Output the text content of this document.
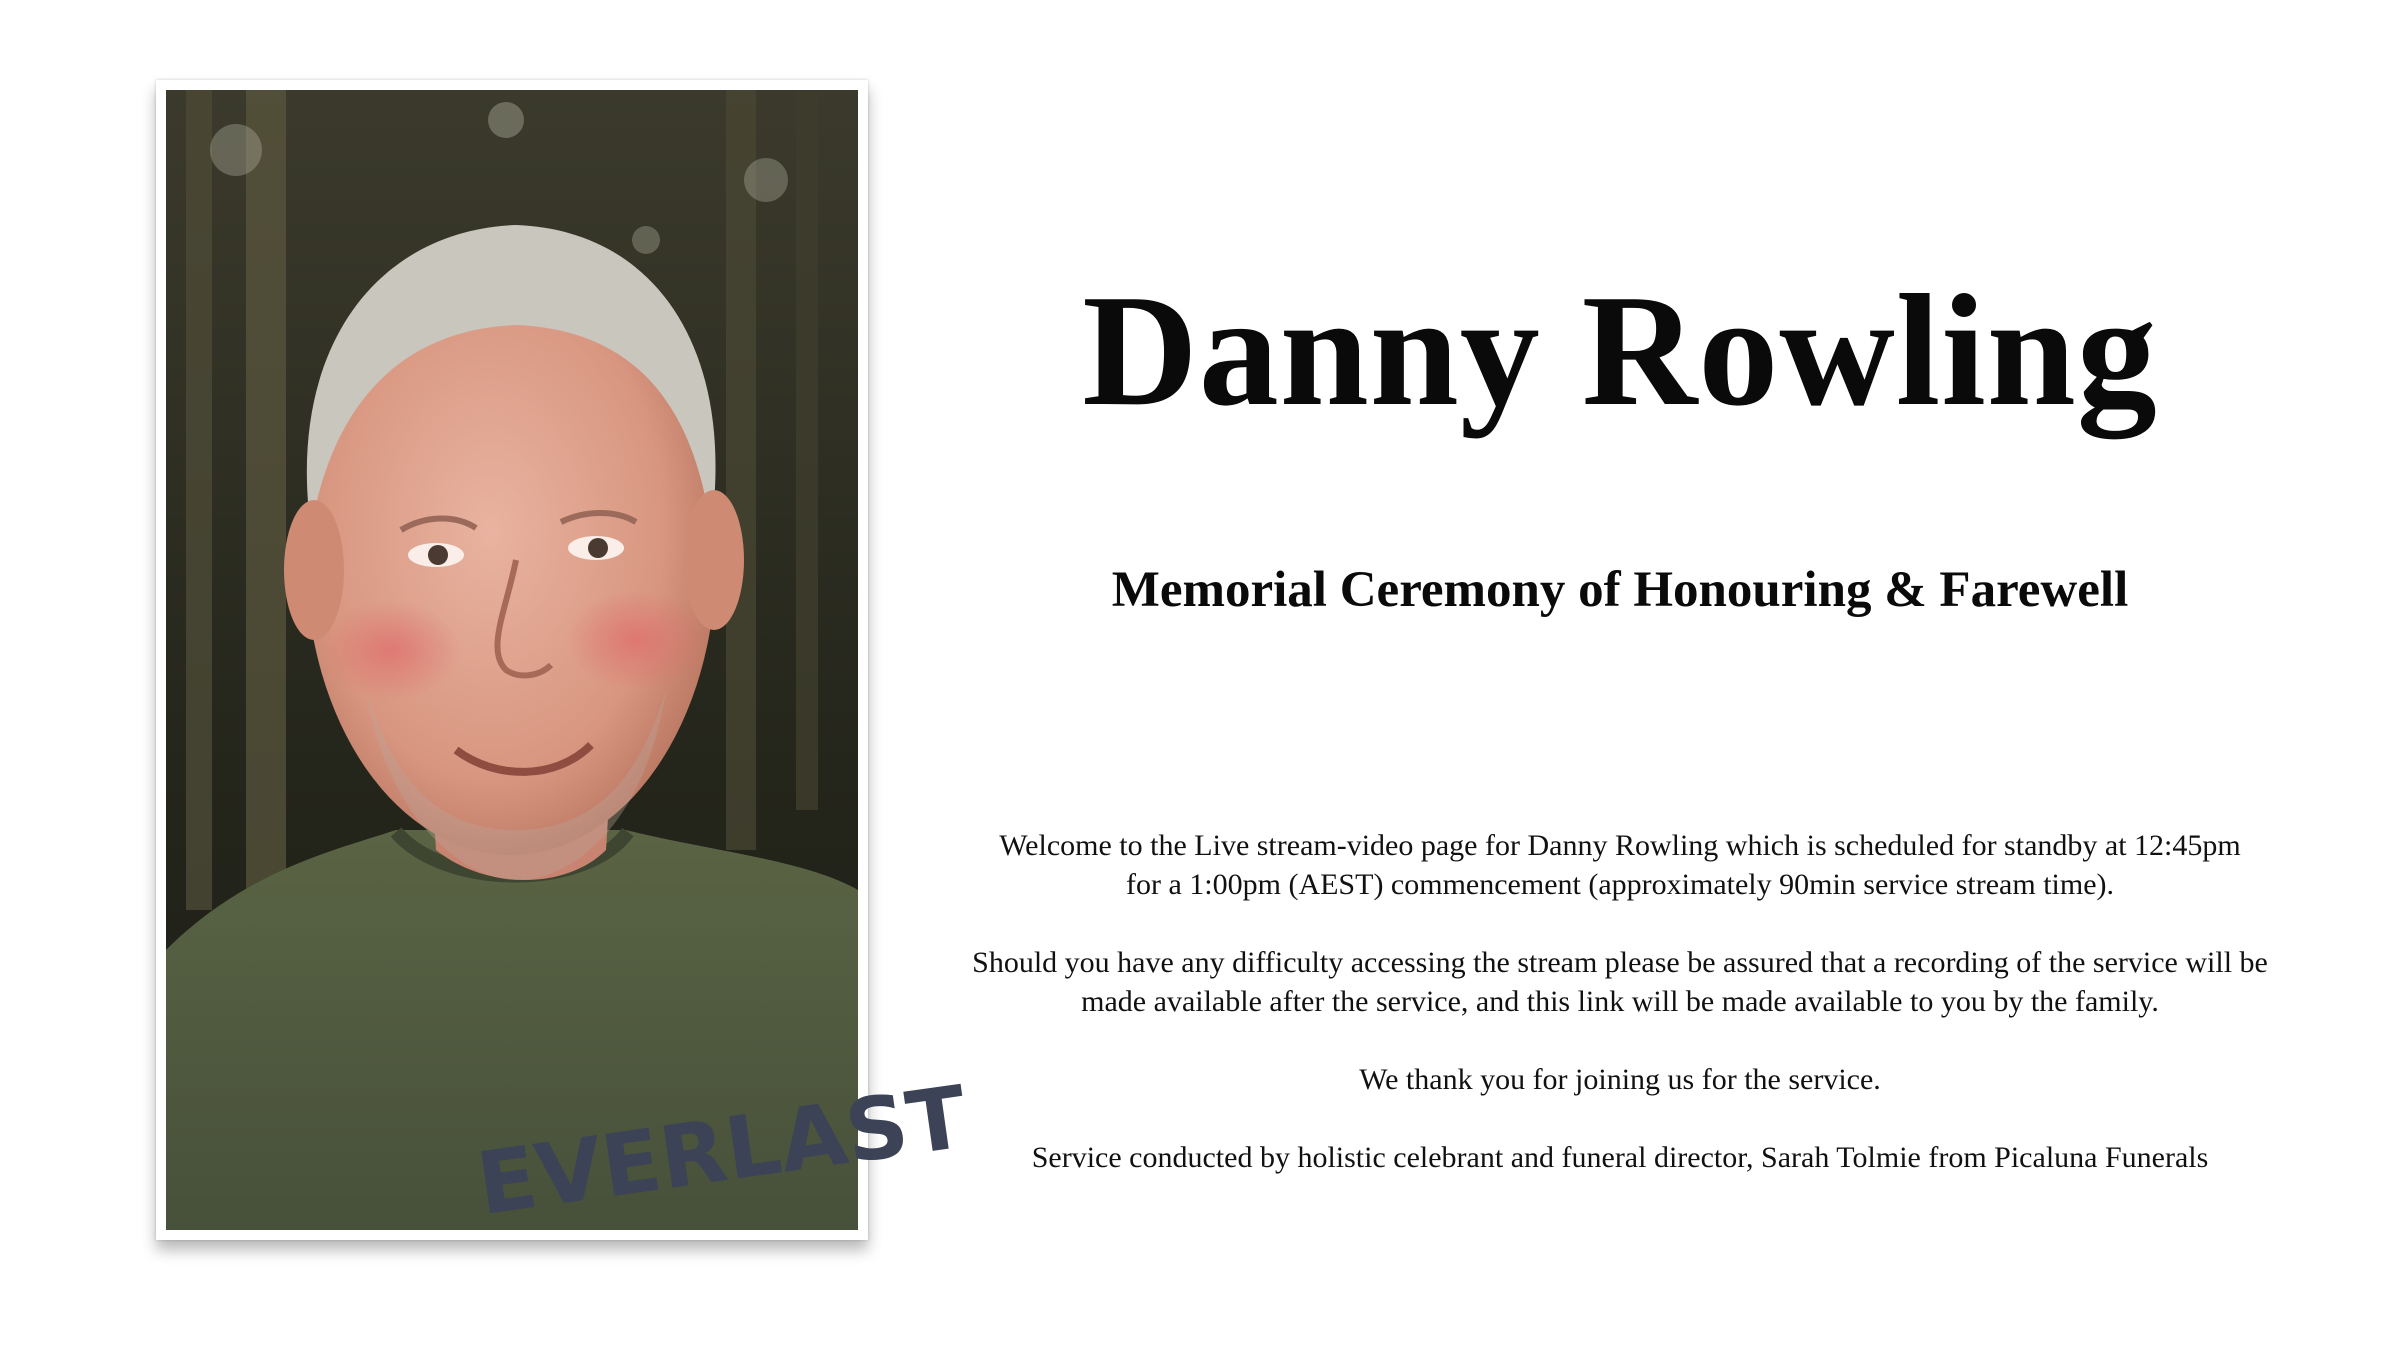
EVERLAST
Danny Rowling
Memorial Ceremony of Honouring & Farewell

Welcome to the Live stream-video page for Danny Rowling which is scheduled for standby at 12:45pm for a 1:00pm (AEST) commencement (approximately 90min service stream time).

Should you have any difficulty accessing the stream please be assured that a recording of the service will be made available after the service, and this link will be made available to you by the family.

We thank you for joining us for the service.

Service conducted by holistic celebrant and funeral director, Sarah Tolmie from Picaluna Funerals
